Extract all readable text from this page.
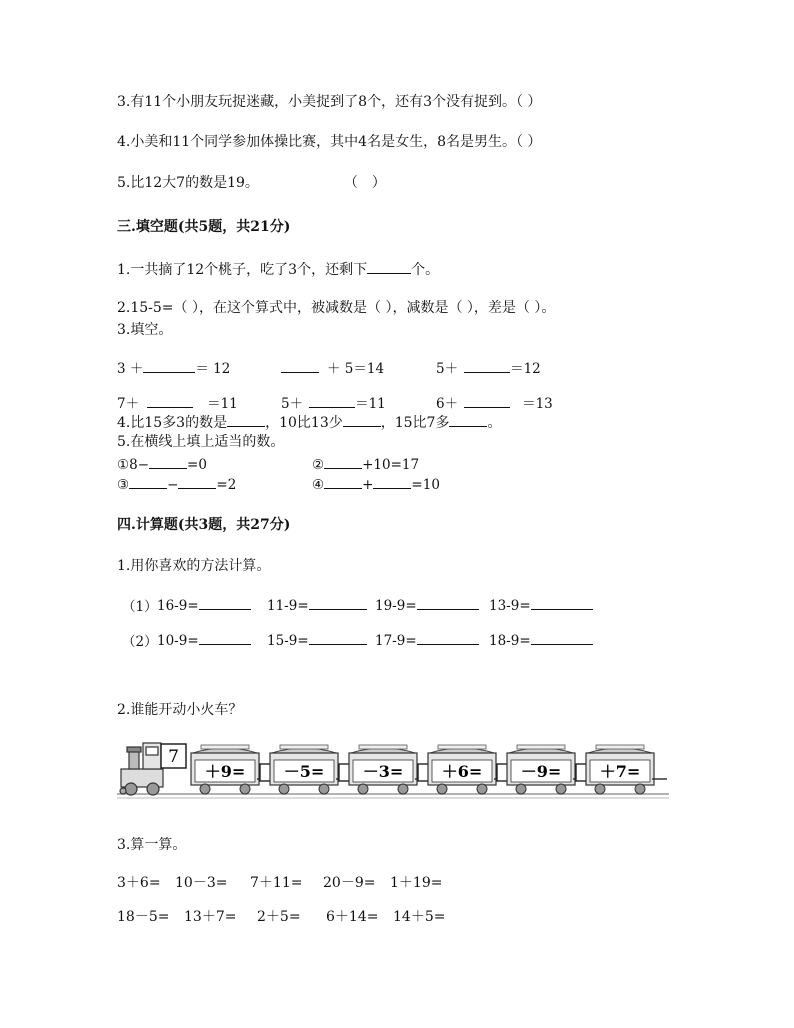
3.有11个小朋友玩捉迷藏，小美捉到了8个，还有3个没有捉到。（ ）
4.小美和11个同学参加体操比赛，其中4名是女生，8名是男生。（ ）
5.比12大7的数是19。	（　）
三.填空题(共5题，共21分)
1.一共摘了12个桃子，吃了3个，还剩下	个。
2.15-5=（ ），在这个算式中，被减数是（ ），减数是（ ），差是（ ）。
3.填空。
3 ＋	＝ 12	＋ 5＝14	5＋	＝12
7＋	＝11	5＋	＝11	6＋	＝13
4.比15多3的数是	，10比13少	，15比7多	。
5.在横线上填上适当的数。
①8−	=0	②	+10=17
③	−	=2	④	+	=10
四.计算题(共3题，共27分)
1.用你喜欢的方法计算。
（1） 16-9=	11-9=	19-9=	13-9=
（2） 10-9=	15-9=	17-9=	18-9=
2.谁能开动小火车？
7
＋9= －5= －3= ＋6= －9= ＋7=
3.算一算。
3＋6= 10－3= 7＋11= 20－9= 1＋19=
18－5= 13＋7= 2＋5= 6＋14= 14＋5=
